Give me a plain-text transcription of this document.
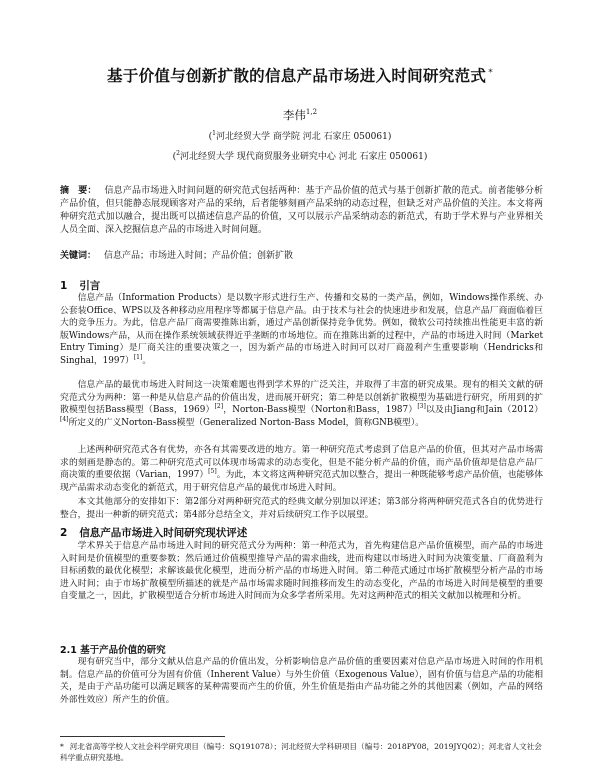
基于价值与创新扩散的信息产品市场进入时间研究范式 *
李伟$^{1,2}$
($^1$河北经贸大学 商学院 河北 石家庄 050061)
($^2$河北经贸大学 现代商贸服务业研究中心 河北 石家庄 050061)
摘　要： 信息产品市场进入时间问题的研究范式包括两种：基于产品价值的范式与基于创新扩散的范式。前者能够分析产品价值，但只能静态展现顾客对产品的采纳，后者能够刻画产品采纳的动态过程，但缺乏对产品价值的关注。本文将两种研究范式加以融合，提出既可以描述信息产品的价值，又可以展示产品采纳动态的新范式，有助于学术界与产业界相关人员全面、深入挖掘信息产品的市场进入时间问题。
关键词： 信息产品；市场进入时间；产品价值；创新扩散
1 引言
信息产品（Information Products）是以数字形式进行生产、传播和交易的一类产品，例如，Windows操作系统、办公套装Office、WPS以及各种移动应用程序等都属于信息产品。由于技术与社会的快速进步和发展，信息产品厂商面临着巨大的竞争压力。为此，信息产品厂商需要推陈出新，通过产品创新保持竞争优势。例如，微软公司持续推出性能更丰富的新版Windows产品，从而在操作系统领域获得近乎垄断的市场地位。而在推陈出新的过程中，产品的市场进入时间（Market Entry Timing）是厂商关注的重要决策之一，因为新产品的市场进入时间可以对厂商盈利产生重要影响（Hendricks和Singhal，1997）[1]。
信息产品的最优市场进入时间这一决策难题也得到学术界的广泛关注，并取得了丰富的研究成果。现有的相关文献的研究范式分为两种：第一种是从信息产品的价值出发，进而展开研究；第二种是以创新扩散模型为基础进行研究，所用到的扩散模型包括Bass模型（Bass，1969）[2]，Norton-Bass模型（Norton和Bass，1987）[3]以及由Jiang和Jain（2012）[4]所定义的广义Norton-Bass模型（Generalized Norton-Bass Model，简称GNB模型）。
上述两种研究范式各有优势，亦各有其需要改进的地方。第一种研究范式考虑到了信息产品的价值，但其对产品市场需求的刻画是静态的。第二种研究范式可以体现市场需求的动态变化，但是不能分析产品的价值，而产品价值却是信息产品厂商决策的重要依据（Varian，1997）[5]。为此，本文将这两种研究范式加以整合，提出一种既能够考虑产品价值，也能够体现产品需求动态变化的新范式，用于研究信息产品的最优市场进入时间。
本文其他部分的安排如下：第2部分对两种研究范式的经典文献分别加以评述；第3部分将两种研究范式各自的优势进行整合，提出一种新的研究范式；第4部分总结全文，并对后续研究工作予以展望。
2 信息产品市场进入时间研究现状评述
学术界关于信息产品市场进入时间的研究范式分为两种：第一种范式为，首先构建信息产品价值模型，而产品的市场进入时间是价值模型的重要参数；然后通过价值模型推导产品的需求曲线，进而构建以市场进入时间为决策变量、厂商盈利为目标函数的最优化模型；求解该最优化模型，进而分析产品的市场进入时间。第二种范式通过市场扩散模型分析产品的市场进入时间；由于市场扩散模型所描述的就是产品市场需求随时间推移而发生的动态变化，产品的市场进入时间是模型的重要自变量之一，因此，扩散模型适合分析市场进入时间而为众多学者所采用。先对这两种范式的相关文献加以梳理和分析。
2.1 基于产品价值的研究
现有研究当中，部分文献从信息产品的价值出发，分析影响信息产品价值的重要因素对信息产品市场进入时间的作用机制。信息产品的价值可分为固有价值（Inherent Value）与外生价值（Exogenous Value），固有价值与信息产品的功能相关，是由于产品功能可以满足顾客的某种需要而产生的价值，外生价值是指由产品功能之外的其他因素（例如，产品的网络外部性效应）所产生的价值。
* 河北省高等学校人文社会科学研究项目（编号：SQ191078）；河北经贸大学科研项目（编号：2018PY08，2019JYQ02）；河北省人文社会科学重点研究基地。
